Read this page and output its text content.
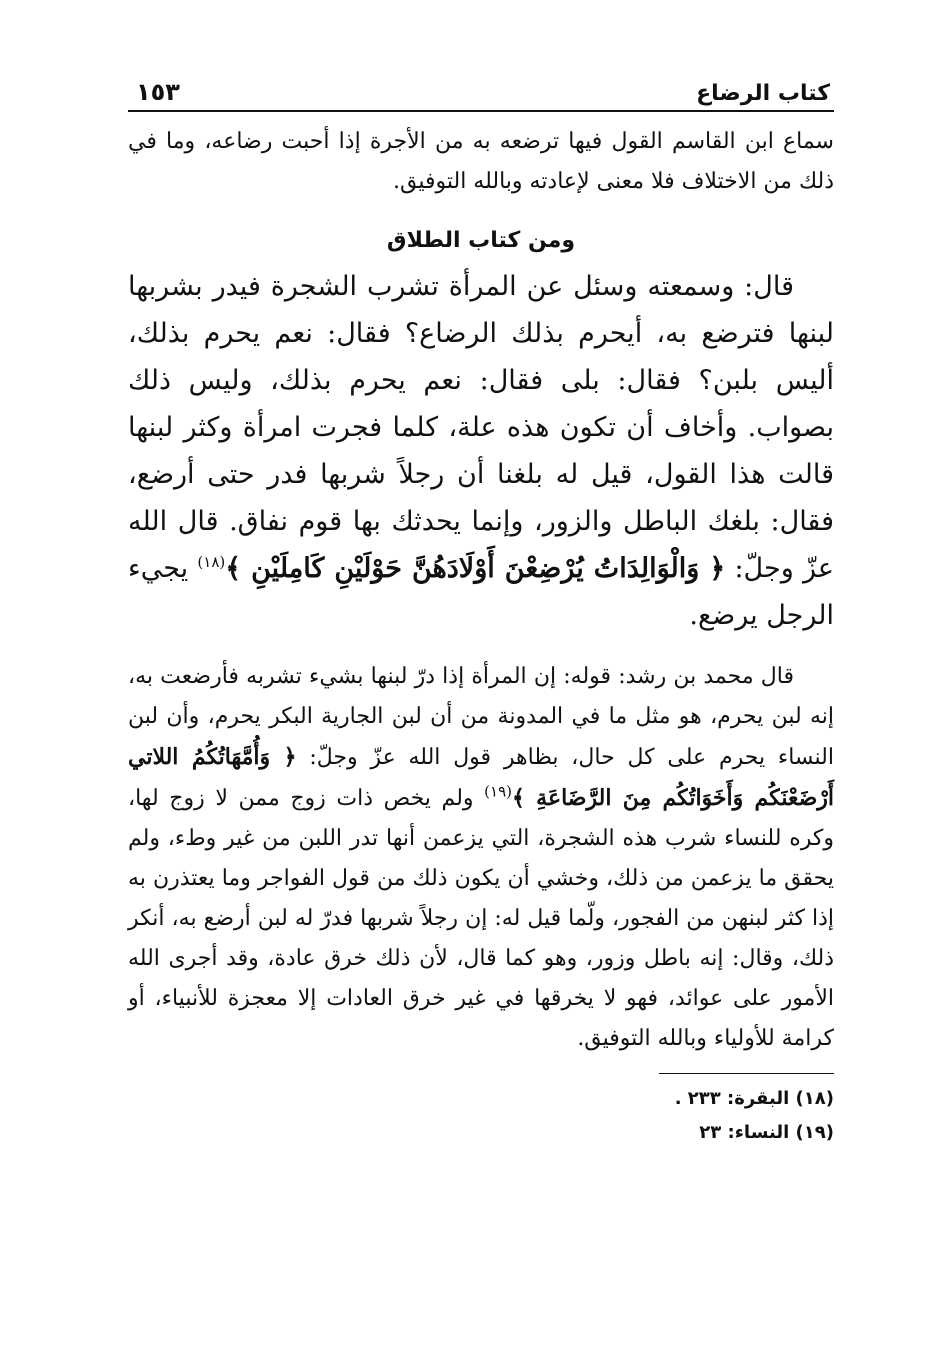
كتاب الرضاع
١٥٣

سماع ابن القاسم القول فيها ترضعه به من الأجرة إذا أحبت رضاعه، وما في ذلك من الاختلاف فلا معنى لإعادته وبالله التوفيق.

ومن كتاب الطلاق

قال: وسمعته وسئل عن المرأة تشرب الشجرة فيدر بشربها لبنها فترضع به، أيحرم بذلك الرضاع؟ فقال: نعم يحرم بذلك، أليس بلبن؟ فقال: بلى فقال: نعم يحرم بذلك، وليس ذلك بصواب. وأخاف أن تكون هذه علة، كلما فجرت امرأة وكثر لبنها قالت هذا القول، قيل له بلغنا أن رجلاً شربها فدر حتى أرضع، فقال: بلغك الباطل والزور، وإنما يحدثك بها قوم نفاق. قال الله عزّ وجلّ: ﴿ وَالْوَالِدَاتُ يُرْضِعْنَ أَوْلَادَهُنَّ حَوْلَيْنِ كَامِلَيْنِ ﴾$^{(١٨)}$ يجيء الرجل يرضع.

قال محمد بن رشد: قوله: إن المرأة إذا درّ لبنها بشيء تشربه فأرضعت به، إنه لبن يحرم، هو مثل ما في المدونة من أن لبن الجارية البكر يحرم، وأن لبن النساء يحرم على كل حال، بظاهر قول الله عزّ وجلّ: ﴿ وَأُمَّهَاتُكُمُ اللاتي أَرْضَعْنَكُم وَأَخَوَاتُكُم مِنَ الرَّضَاعَةِ ﴾$^{(١٩)}$ ولم يخص ذات زوج ممن لا زوج لها، وكره للنساء شرب هذه الشجرة، التي يزعمن أنها تدر اللبن من غير وطء، ولم يحقق ما يزعمن من ذلك، وخشي أن يكون ذلك من قول الفواجر وما يعتذرن به إذا كثر لبنهن من الفجور، ولّما قيل له: إن رجلاً شربها فدرّ له لبن أرضع به، أنكر ذلك، وقال: إنه باطل وزور، وهو كما قال، لأن ذلك خرق عادة، وقد أجرى الله الأمور على عوائد، فهو لا يخرقها في غير خرق العادات إلا معجزة للأنبياء، أو كرامة للأولياء وبالله التوفيق.

(١٨) البقرة: ٢٣٣ .
(١٩) النساء: ٢٣
